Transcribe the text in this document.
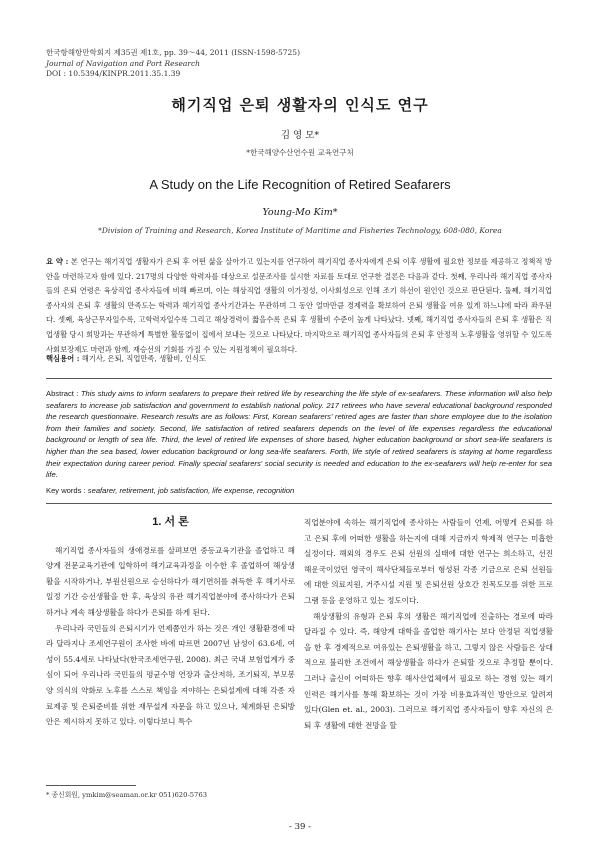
한국항해항만학회지 제35권 제1호, pp. 39～44, 2011 (ISSN-1598-5725)
Journal of Navigation and Port Research
DOI : 10.5394/KINPR.2011.35.1.39
해기직업 은퇴 생활자의 인식도 연구
김 영 모*
*한국해양수산연수원 교육연구처
A Study on the Life Recognition of Retired Seafarers
Young-Mo Kim*
*Division of Training and Research, Korea Institute of Maritime and Fisheries Technology, 608-080, Korea
요 약 : 본 연구는 해기직업 생활자가 은퇴 후 어떤 삶을 살아가고 있는지를 연구하여 해기직업 종사자에게 은퇴 이후 생활에 필요한 정보를 제공하고 정책적 방안을 마련하고자 함에 있다. 217명의 다양한 학력자를 대상으로 설문조사를 실시한 자료를 토대로 연구한 결론은 다음과 같다. 첫째, 우리나라 해기직업 종사자들의 은퇴 연령은 육상직업 종사자들에 비해 빠르며, 이는 해상직업 생활의 이가정성, 이사회성으로 인해 조기 하선이 원인인 것으로 판단된다. 둘째, 해기직업 종사자의 은퇴 후 생활의 만족도는 학력과 해기직업 종사기간과는 무관하며 그 동안 얼마만큼 경제력을 확보하여 은퇴 생활을 여유 있게 하느냐에 따라 좌우된다. 셋째, 육상근무자일수록, 고학력자일수록 그리고 해상경력이 짧을수록 은퇴 후 생활비 수준이 높게 나타났다. 넷째, 해기직업 종사자들의 은퇴 후 생활은 직업생활 당시 희망과는 무관하게 특별한 활동없이 집에서 보내는 것으로 나타났다. 마지막으로 해기직업 종사자들의 은퇴 후 안정적 노후생활을 영위할 수 있도록 사회보장제도 마련과 함께, 재승선의 기회를 가질 수 있는 지원정책이 필요하다.
핵심용어 : 해기사, 은퇴, 직업만족, 생활비, 인식도
Abstract : This study aims to inform seafarers to prepare their retired life by researching the life style of ex-seafarers. These information will also help seafarers to increase job satisfaction and government to establish national policy. 217 retirees who have several educational background responded the research questionnaire. Research results are as follows: First, Korean seafarers' retired ages are faster than shore employee due to the isolation from their families and society. Second, life satisfaction of retired seafarers depends on the level of life expenses regardless the educational background or length of sea life. Third, the level of retired life expenses of shore based, higher education background or short sea-life seafarers is higher than the sea based, lower education background or long sea-life seafarers. Forth, life style of retired seafarers is staying at home regardless their expectation during career period. Finally special seafarers' social security is needed and education to the ex-seafarers will help re-enter for sea life.
Key words : seafarer, retirement, job satisfaction, life expense, recognition
1. 서 론

해기직업 종사자들의 생애경로를 살펴보면 중등교육기관을 졸업하고 해양계 전문교육기관에 입학하여 해기교육과정을 이수한 후 졸업하여 해상생활을 시작하거나, 부원신원으로 승선하다가 해기면허를 취득한 후 해기사로 일정 기간 승선생활을 한 후, 육상의 유관 해기직업분야에 종사하다가 은퇴하거나 계속 해상생활을 하다가 은퇴를 하게 된다.

우리나라 국민들의 은퇴시기가 언제쯤인가 하는 것은 개인 생활환경에 따라 달라지나 조세연구원이 조사한 바에 따르면 2007년 남성이 63.6세, 여성이 55.4세로 나타났다(한국조세연구원, 2008). 최근 국내 보험업계가 중심이 되어 우리나라 국민들의 평균수명 연장과 출산저하, 조기퇴직, 부모봉양 의식의 약화로 노후를 스스로 책임을 져야하는 은퇴설계에 대해 각종 자료제공 및 은퇴준비를 위한 재무설계 자문을 하고 있으나, 체계화된 은퇴방안은 제시하지 못하고 있다. 이렇다보니 특수

직업분야에 속하는 해기직업에 종사하는 사람들이 언제, 어떻게 은퇴를 하고 은퇴 후에 어떠한 생활을 하는지에 대해 지금까지 학제적 연구는 미흡한 실정이다. 해외의 경우도 은퇴 선원의 실태에 대한 연구는 희소하고, 선진 해운국이었던 영국이 해사단체들로부터 형성된 각종 기금으로 은퇴 선원들에 대한 의료지원, 거주시설 지원 및 은퇴선원 상호간 친목도모를 위한 프로그램 등을 운영하고 있는 정도이다.

해상생활의 유형과 은퇴 후의 생활은 해기직업에 진출하는 경로에 따라 달라질 수 있다. 즉, 해양계 대학을 졸업한 해기사는 보다 안정된 직업생활을 한 후 경제적으로 여유있는 은퇴생활을 하고, 그렇지 않은 사람들은 상대적으로 불리한 조건에서 해상생활을 하다가 은퇴할 것으로 추정할 뿐이다. 그러나 출신이 어떠하든 향후 해사산업체에서 필요로 하는 경험 있는 해기인력은 해기사를 통해 확보하는 것이 가장 비용효과적인 방안으로 알려져 있다(Glen et. al., 2003). 그러므로 해기직업 종사자들이 향후 자신의 은퇴 후 생활에 대한 전망을 할

* 종신회원, ymkim@seaman.or.kr 051)620-5763
- 39 -
